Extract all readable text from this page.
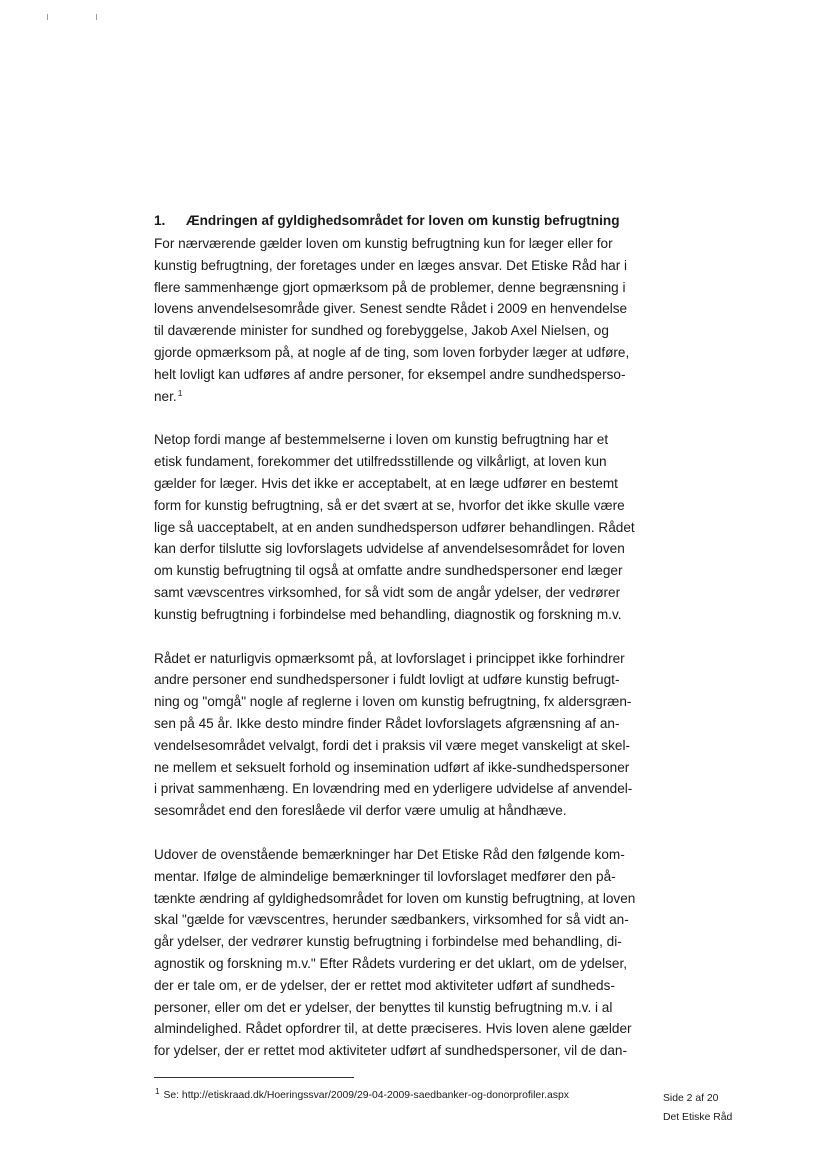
1.	Ændringen af gyldighedsområdet for loven om kunstig befrugtning

For nærværende gælder loven om kunstig befrugtning kun for læger eller for
kunstig befrugtning, der foretages under en læges ansvar. Det Etiske Råd har i
flere sammenhænge gjort opmærksom på de problemer, denne begrænsning i
lovens anvendelsesområde giver. Senest sendte Rådet i 2009 en henvendelse
til daværende minister for sundhed og forebyggelse, Jakob Axel Nielsen, og
gjorde opmærksom på, at nogle af de ting, som loven forbyder læger at udføre,
helt lovligt kan udføres af andre personer, for eksempel andre sundhedsperso-
ner.$^1$

Netop fordi mange af bestemmelserne i loven om kunstig befrugtning har et
etisk fundament, forekommer det utilfredsstillende og vilkårligt, at loven kun
gælder for læger. Hvis det ikke er acceptabelt, at en læge udfører en bestemt
form for kunstig befrugtning, så er det svært at se, hvorfor det ikke skulle være
lige så uacceptabelt, at en anden sundhedsperson udfører behandlingen. Rådet
kan derfor tilslutte sig lovforslagets udvidelse af anvendelsesområdet for loven
om kunstig befrugtning til også at omfatte andre sundhedspersoner end læger
samt vævscentres virksomhed, for så vidt som de angår ydelser, der vedrører
kunstig befrugtning i forbindelse med behandling, diagnostik og forskning m.v.

Rådet er naturligvis opmærksomt på, at lovforslaget i princippet ikke forhindrer
andre personer end sundhedspersoner i fuldt lovligt at udføre kunstig befrugt-
ning og "omgå" nogle af reglerne i loven om kunstig befrugtning, fx aldersgræn-
sen på 45 år. Ikke desto mindre finder Rådet lovforslagets afgrænsning af an-
vendelsesområdet velvalgt, fordi det i praksis vil være meget vanskeligt at skel-
ne mellem et seksuelt forhold og insemination udført af ikke-sundhedspersoner
i privat sammenhæng. En lovændring med en yderligere udvidelse af anvendel-
sesområdet end den foreslåede vil derfor være umulig at håndhæve.

Udover de ovenstående bemærkninger har Det Etiske Råd den følgende kom-
mentar. Ifølge de almindelige bemærkninger til lovforslaget medfører den på-
tænkte ændring af gyldighedsområdet for loven om kunstig befrugtning, at loven
skal "gælde for vævscentres, herunder sædbankers, virksomhed for så vidt an-
går ydelser, der vedrører kunstig befrugtning i forbindelse med behandling, di-
agnostik og forskning m.v." Efter Rådets vurdering er det uklart, om de ydelser,
der er tale om, er de ydelser, der er rettet mod aktiviteter udført af sundheds-
personer, eller om det er ydelser, der benyttes til kunstig befrugtning m.v. i al
almindelighed. Rådet opfordrer til, at dette præciseres. Hvis loven alene gælder
for ydelser, der er rettet mod aktiviteter udført af sundhedspersoner, vil de dan-

$^1$ Se: http://etiskraad.dk/Hoeringssvar/2009/29-04-2009-saedbanker-og-donorprofiler.aspx	Side 2 af 20
Det Etiske Råd
